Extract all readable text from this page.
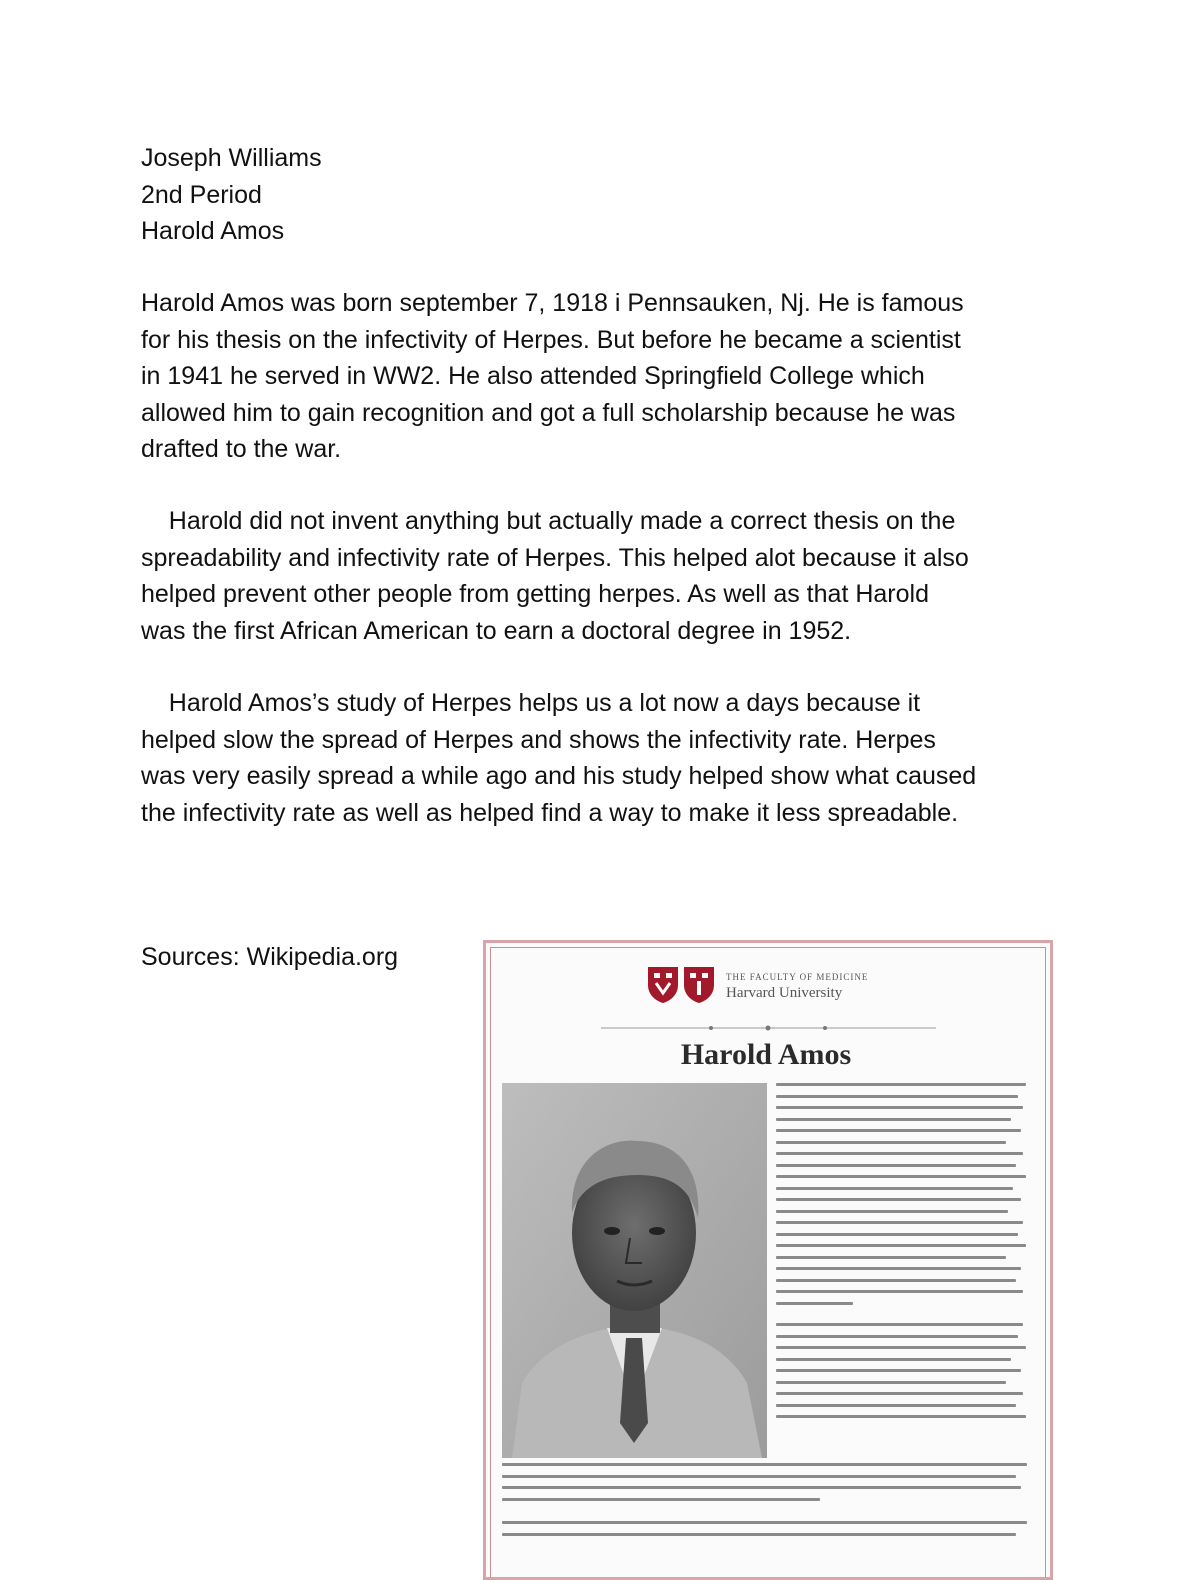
Joseph Williams
2nd Period
Harold Amos

Harold Amos was born september 7, 1918 i Pennsauken, Nj. He is famous
for his thesis on the infectivity of Herpes. But before he became a scientist
in 1941 he served in WW2. He also attended Springfield College which
allowed him to gain recognition and got a full scholarship because he was
drafted to the war.

Harold did not invent anything but actually made a correct thesis on the
spreadability and infectivity rate of Herpes. This helped alot because it also
helped prevent other people from getting herpes. As well as that Harold
was the first African American to earn a doctoral degree in 1952.

Harold Amos’s study of Herpes helps us a lot now a days because it
helped slow the spread of Herpes and shows the infectivity rate. Herpes
was very easily spread a while ago and his study helped show what caused
the infectivity rate as well as helped find a way to make it less spreadable.

Sources: Wikipedia.org
THE FACULTY OF MEDICINE
Harvard University
Harold Amos
